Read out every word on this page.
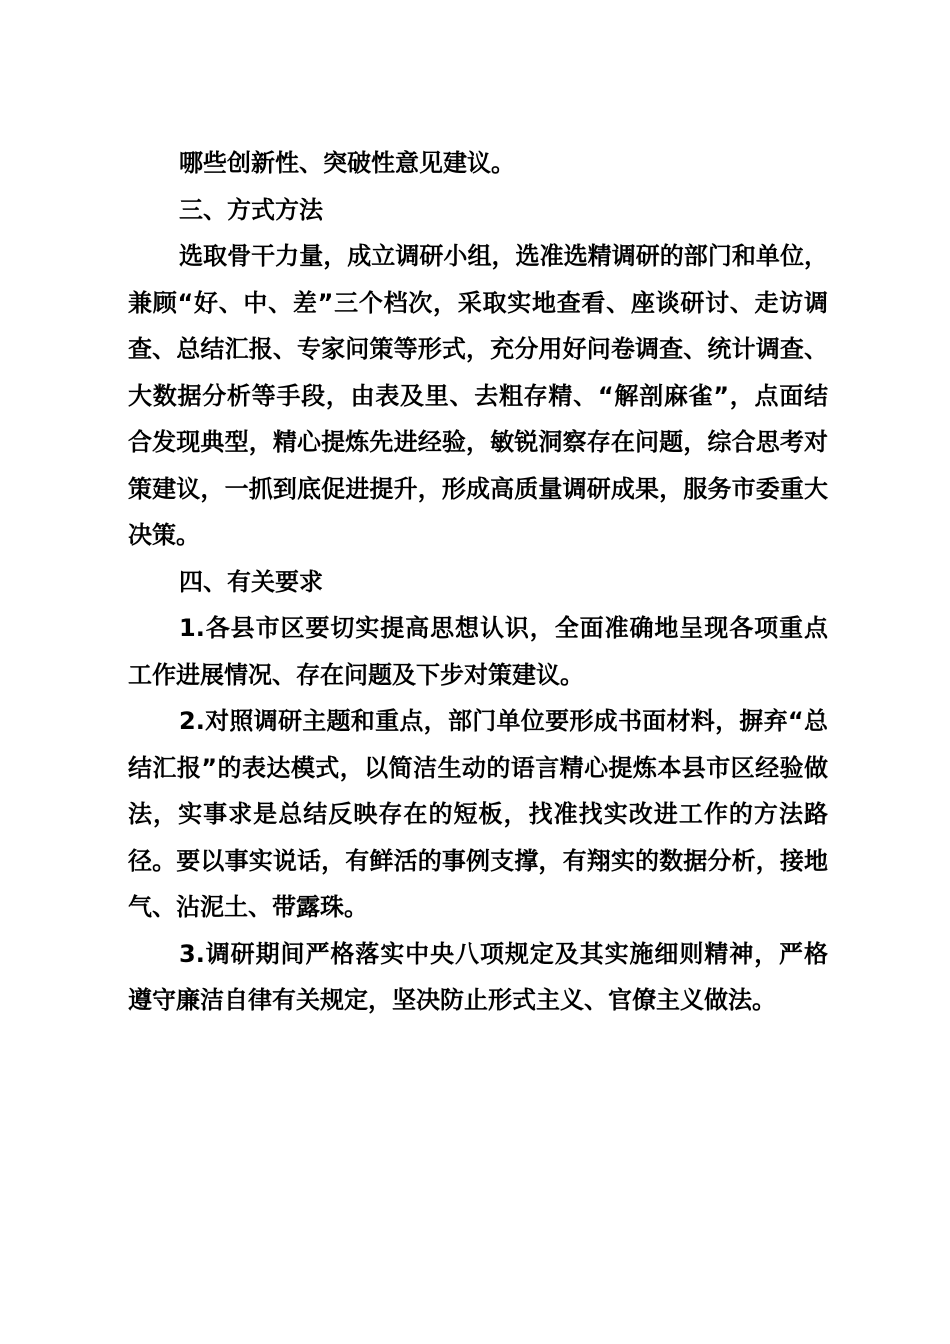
哪些创新性、突破性意见建议。

三、方式方法

选取骨干力量，成立调研小组，选准选精调研的部门和单位，兼顾“好、中、差”三个档次，采取实地查看、座谈研讨、走访调查、总结汇报、专家问策等形式，充分用好问卷调查、统计调查、大数据分析等手段，由表及里、去粗存精、“解剖麻雀”，点面结合发现典型，精心提炼先进经验，敏锐洞察存在问题，综合思考对策建议，一抓到底促进提升，形成高质量调研成果，服务市委重大决策。

四、有关要求

1.各县市区要切实提高思想认识，全面准确地呈现各项重点工作进展情况、存在问题及下步对策建议。

2.对照调研主题和重点，部门单位要形成书面材料，摒弃“总结汇报”的表达模式，以简洁生动的语言精心提炼本县市区经验做法，实事求是总结反映存在的短板，找准找实改进工作的方法路径。要以事实说话，有鲜活的事例支撑，有翔实的数据分析，接地气、沾泥土、带露珠。

3.调研期间严格落实中央八项规定及其实施细则精神，严格遵守廉洁自律有关规定，坚决防止形式主义、官僚主义做法。
